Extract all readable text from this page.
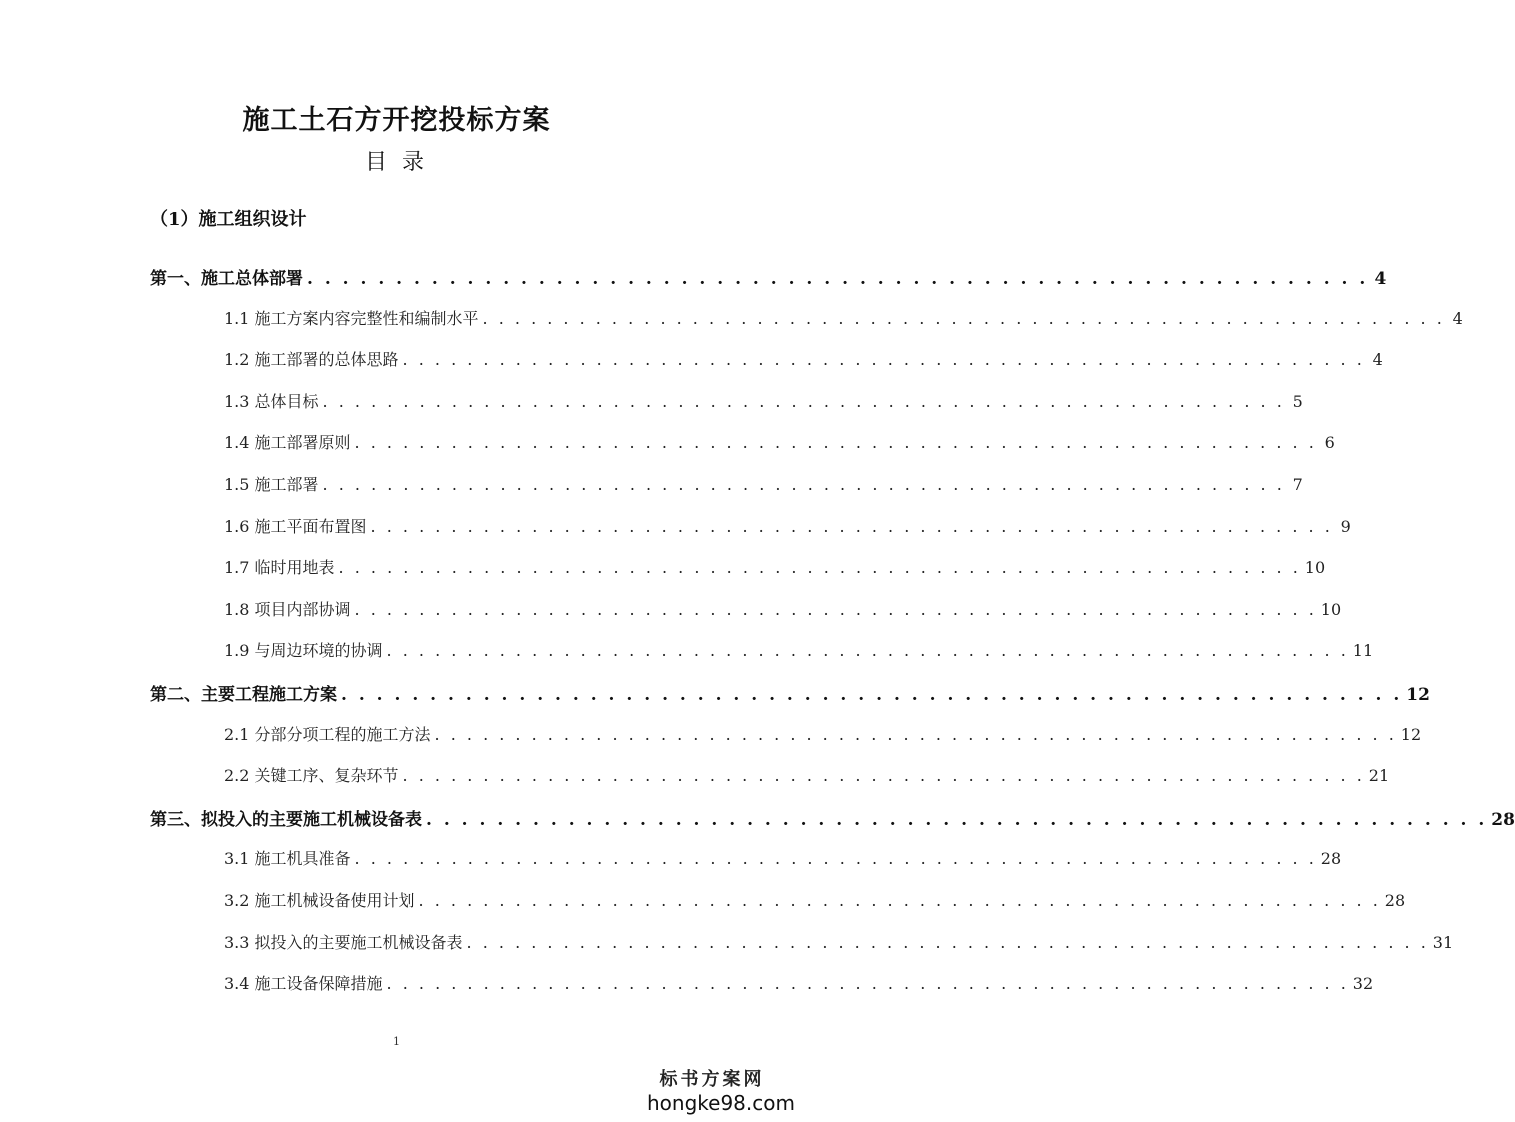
施工土石方开挖投标方案
目 录
（1）施工组织设计
第一、施工总体部署 . . . . . . . . . . . . . . . . . . . . . . . . . . . . . . . . . . . . . . . . . . . . . . . . . . . . . . . . . . . . 4
1.1 施工方案内容完整性和编制水平 . . . . . . . . . . . . . . . . . . . . . . . . . . . . . . . . . . . . . . . . . . . . . . . . . . . . . . . . . . . . 4
1.2 施工部署的总体思路 . . . . . . . . . . . . . . . . . . . . . . . . . . . . . . . . . . . . . . . . . . . . . . . . . . . . . . . . . . . . 4
1.3 总体目标 . . . . . . . . . . . . . . . . . . . . . . . . . . . . . . . . . . . . . . . . . . . . . . . . . . . . . . . . . . . . 5
1.4 施工部署原则 . . . . . . . . . . . . . . . . . . . . . . . . . . . . . . . . . . . . . . . . . . . . . . . . . . . . . . . . . . . . 6
1.5 施工部署 . . . . . . . . . . . . . . . . . . . . . . . . . . . . . . . . . . . . . . . . . . . . . . . . . . . . . . . . . . . . 7
1.6 施工平面布置图 . . . . . . . . . . . . . . . . . . . . . . . . . . . . . . . . . . . . . . . . . . . . . . . . . . . . . . . . . . . . 9
1.7 临时用地表 . . . . . . . . . . . . . . . . . . . . . . . . . . . . . . . . . . . . . . . . . . . . . . . . . . . . . . . . . . . . 10
1.8 项目内部协调 . . . . . . . . . . . . . . . . . . . . . . . . . . . . . . . . . . . . . . . . . . . . . . . . . . . . . . . . . . . . 10
1.9 与周边环境的协调 . . . . . . . . . . . . . . . . . . . . . . . . . . . . . . . . . . . . . . . . . . . . . . . . . . . . . . . . . . . . 11
第二、主要工程施工方案 . . . . . . . . . . . . . . . . . . . . . . . . . . . . . . . . . . . . . . . . . . . . . . . . . . . . . . . . . . . . 12
2.1 分部分项工程的施工方法 . . . . . . . . . . . . . . . . . . . . . . . . . . . . . . . . . . . . . . . . . . . . . . . . . . . . . . . . . . . . 12
2.2 关键工序、复杂环节 . . . . . . . . . . . . . . . . . . . . . . . . . . . . . . . . . . . . . . . . . . . . . . . . . . . . . . . . . . . . 21
第三、拟投入的主要施工机械设备表 . . . . . . . . . . . . . . . . . . . . . . . . . . . . . . . . . . . . . . . . . . . . . . . . . . . . . . . . . . . . 28
3.1 施工机具准备 . . . . . . . . . . . . . . . . . . . . . . . . . . . . . . . . . . . . . . . . . . . . . . . . . . . . . . . . . . . . 28
3.2 施工机械设备使用计划 . . . . . . . . . . . . . . . . . . . . . . . . . . . . . . . . . . . . . . . . . . . . . . . . . . . . . . . . . . . . 28
3.3 拟投入的主要施工机械设备表 . . . . . . . . . . . . . . . . . . . . . . . . . . . . . . . . . . . . . . . . . . . . . . . . . . . . . . . . . . . . 31
3.4 施工设备保障措施 . . . . . . . . . . . . . . . . . . . . . . . . . . . . . . . . . . . . . . . . . . . . . . . . . . . . . . . . . . . . 32
1
标书方案网
hongke98.com
